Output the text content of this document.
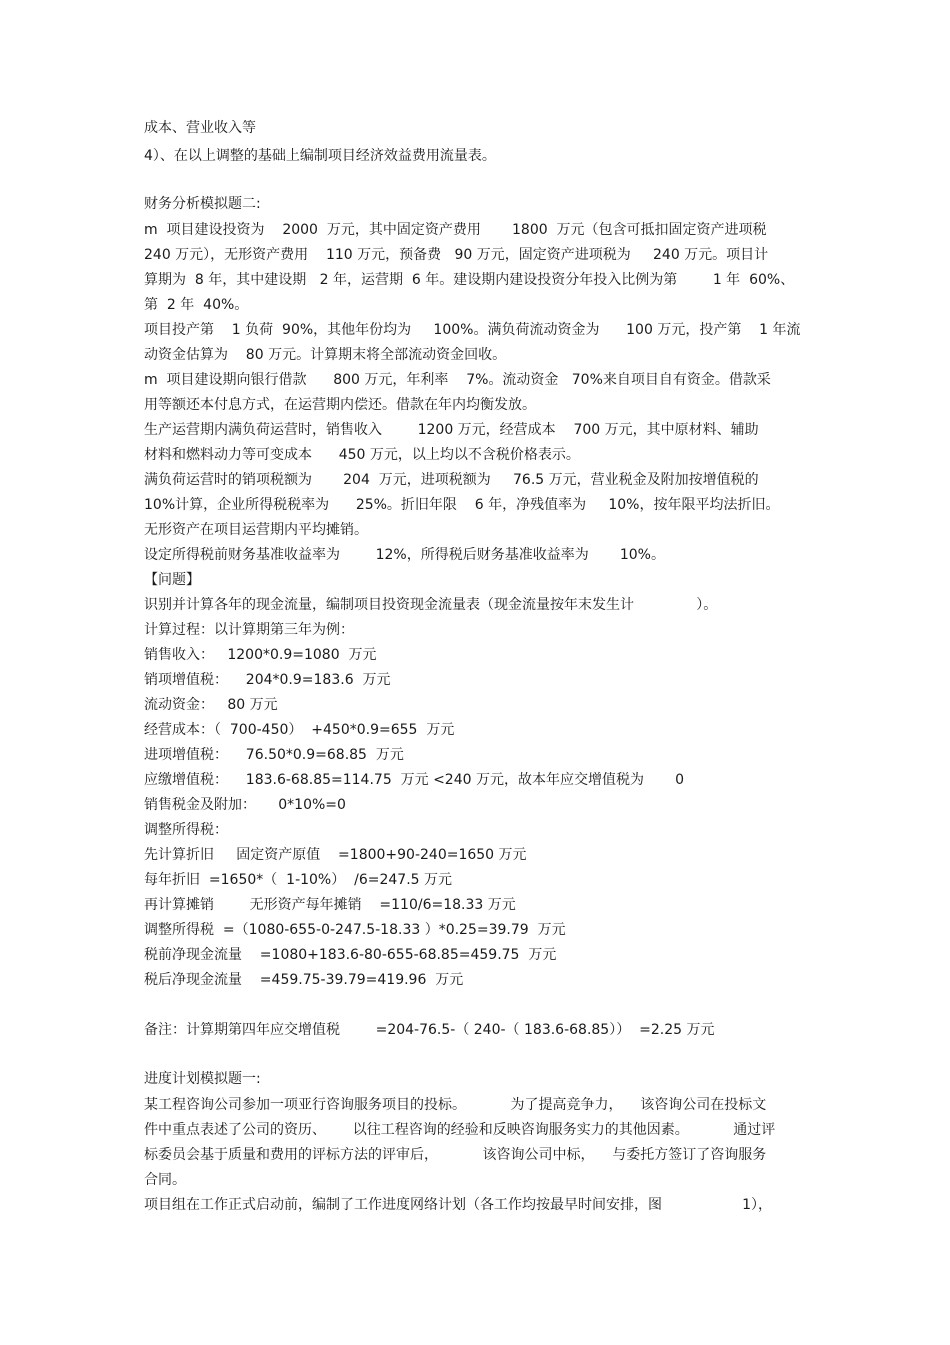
成本、营业收入等
4）、在以上调整的基础上编制项目经济效益费用流量表。
财务分析模拟题二:
m  项目建设投资为    2000  万元，其中固定资产费用       1800  万元（包含可抵扣固定资产进项税
240 万元），无形资产费用    110 万元，预备费   90 万元，固定资产进项税为     240 万元。项目计
算期为  8 年，其中建设期   2 年，运营期  6 年。建设期内建设投资分年投入比例为第        1 年  60%、
第  2 年  40%。
项目投产第    1 负荷  90%，其他年份均为     100%。满负荷流动资金为      100 万元，投产第    1 年流
动资金估算为    80 万元。计算期末将全部流动资金回收。
m  项目建设期向银行借款      800 万元，年利率    7%。流动资金   70%来自项目自有资金。借款采
用等额还本付息方式，在运营期内偿还。借款在年内均衡发放。
生产运营期内满负荷运营时，销售收入        1200 万元，经营成本    700 万元，其中原材料、辅助
材料和燃料动力等可变成本      450 万元，以上均以不含税价格表示。
满负荷运营时的销项税额为       204  万元，进项税额为     76.5 万元，营业税金及附加按增值税的
10%计算，企业所得税税率为      25%。折旧年限    6 年，净残值率为     10%，按年限平均法折旧。
无形资产在项目运营期内平均摊销。
设定所得税前财务基准收益率为        12%，所得税后财务基准收益率为       10%。
【问题】
识别并计算各年的现金流量，编制项目投资现金流量表（现金流量按年末发生计              ）。
计算过程：以计算期第三年为例：
销售收入：   1200*0.9=1080  万元
销项增值税：    204*0.9=183.6  万元
流动资金：   80 万元
经营成本：（  700-450）  +450*0.9=655  万元
进项增值税：    76.50*0.9=68.85  万元
应缴增值税：    183.6-68.85=114.75  万元 <240 万元，故本年应交增值税为       0
销售税金及附加：     0*10%=0
调整所得税：
先计算折旧     固定资产原值    =1800+90-240=1650 万元
每年折旧  =1650*（  1-10%）  /6=247.5 万元
再计算摊销        无形资产每年摊销    =110/6=18.33 万元
调整所得税  =（1080-655-0-247.5-18.33 ）*0.25=39.79  万元
税前净现金流量    =1080+183.6-80-655-68.85=459.75  万元
税后净现金流量    =459.75-39.79=419.96  万元
备注：计算期第四年应交增值税        =204-76.5-（ 240-（ 183.6-68.85））  =2.25 万元
进度计划模拟题一:
某工程咨询公司参加一项亚行咨询服务项目的投标。          为了提高竞争力，    该咨询公司在投标文
件中重点表述了公司的资历、      以往工程咨询的经验和反映咨询服务实力的其他因素。          通过评
标委员会基于质量和费用的评标方法的评审后，          该咨询公司中标，    与委托方签订了咨询服务
合同。
项目组在工作正式启动前，编制了工作进度网络计划（各工作均按最早时间安排，图                  1），
